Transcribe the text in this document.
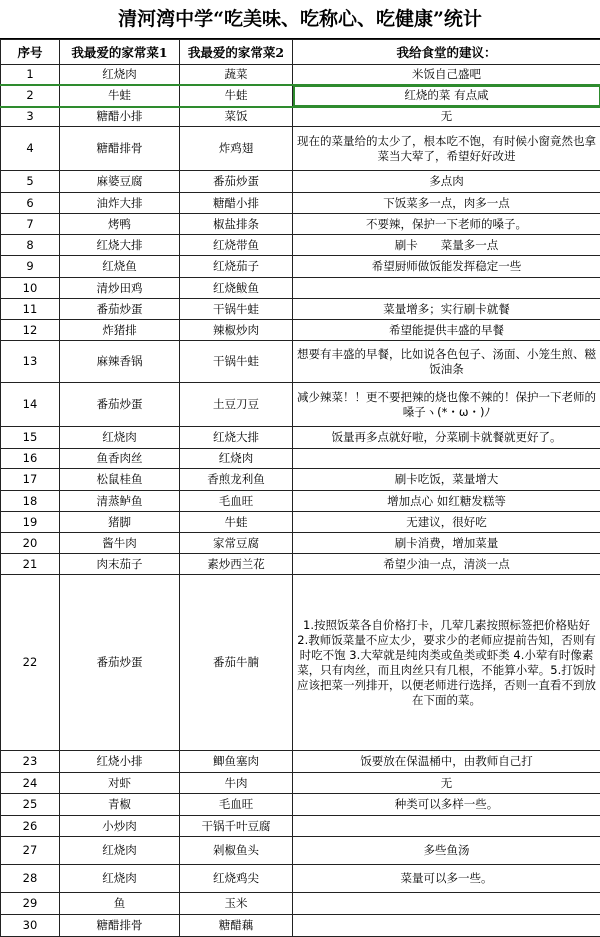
清河湾中学“吃美味、吃称心、吃健康”统计
序号	我最爱的家常菜1	我最爱的家常菜2	我给食堂的建议：
1	红烧肉	蔬菜	米饭自己盛吧
2	牛蛙	牛蛙	红烧的菜 有点咸
3	糖醋小排	菜饭	无
4	糖醋排骨	炸鸡翅	现在的菜量给的太少了，根本吃不饱，有时候小窗竟然也拿菜当大荤了，希望好好改进
5	麻婆豆腐	番茄炒蛋	多点肉
6	油炸大排	糖醋小排	下饭菜多一点，肉多一点
7	烤鸭	椒盐排条	不要辣，保护一下老师的嗓子。
8	红烧大排	红烧带鱼	刷卡　　菜量多一点
9	红烧鱼	红烧茄子	希望厨师做饭能发挥稳定一些
10	清炒田鸡	红烧鲅鱼	
11	番茄炒蛋	干锅牛蛙	菜量增多；实行刷卡就餐
12	炸猪排	辣椒炒肉	希望能提供丰盛的早餐
13	麻辣香锅	干锅牛蛙	想要有丰盛的早餐，比如说各色包子、汤面、小笼生煎、糍饭油条
14	番茄炒蛋	土豆刀豆	减少辣菜！！更不要把辣的烧也像不辣的！保护一下老师的嗓子ヽ(*・ω・)ﾉ
15	红烧肉	红烧大排	饭量再多点就好啦，分菜刷卡就餐就更好了。
16	鱼香肉丝	红烧肉	
17	松鼠桂鱼	香煎龙利鱼	刷卡吃饭，菜量增大
18	清蒸鲈鱼	毛血旺	增加点心 如红糖发糕等
19	猪脚	牛蛙	无建议，很好吃
20	酱牛肉	家常豆腐	刷卡消费，增加菜量
21	肉末茄子	素炒西兰花	希望少油一点，清淡一点
22	番茄炒蛋	番茄牛腩	1.按照饭菜各自价格打卡，几荤几素按照标签把价格贴好 2.教师饭菜量不应太少，要求少的老师应提前告知，否则有时吃不饱 3.大荤就是纯肉类或鱼类或虾类 4.小荤有时像素菜，只有肉丝，而且肉丝只有几根，不能算小荤。5.打饭时应该把菜一列排开，以便老师进行选择，否则一直看不到放在下面的菜。
23	红烧小排	鲫鱼塞肉	饭要放在保温桶中，由教师自己打
24	对虾	牛肉	无
25	青椒	毛血旺	种类可以多样一些。
26	小炒肉	干锅千叶豆腐	
27	红烧肉	剁椒鱼头	多些鱼汤
28	红烧肉	红烧鸡尖	菜量可以多一些。
29	鱼	玉米	
30	糖醋排骨	糖醋藕	
